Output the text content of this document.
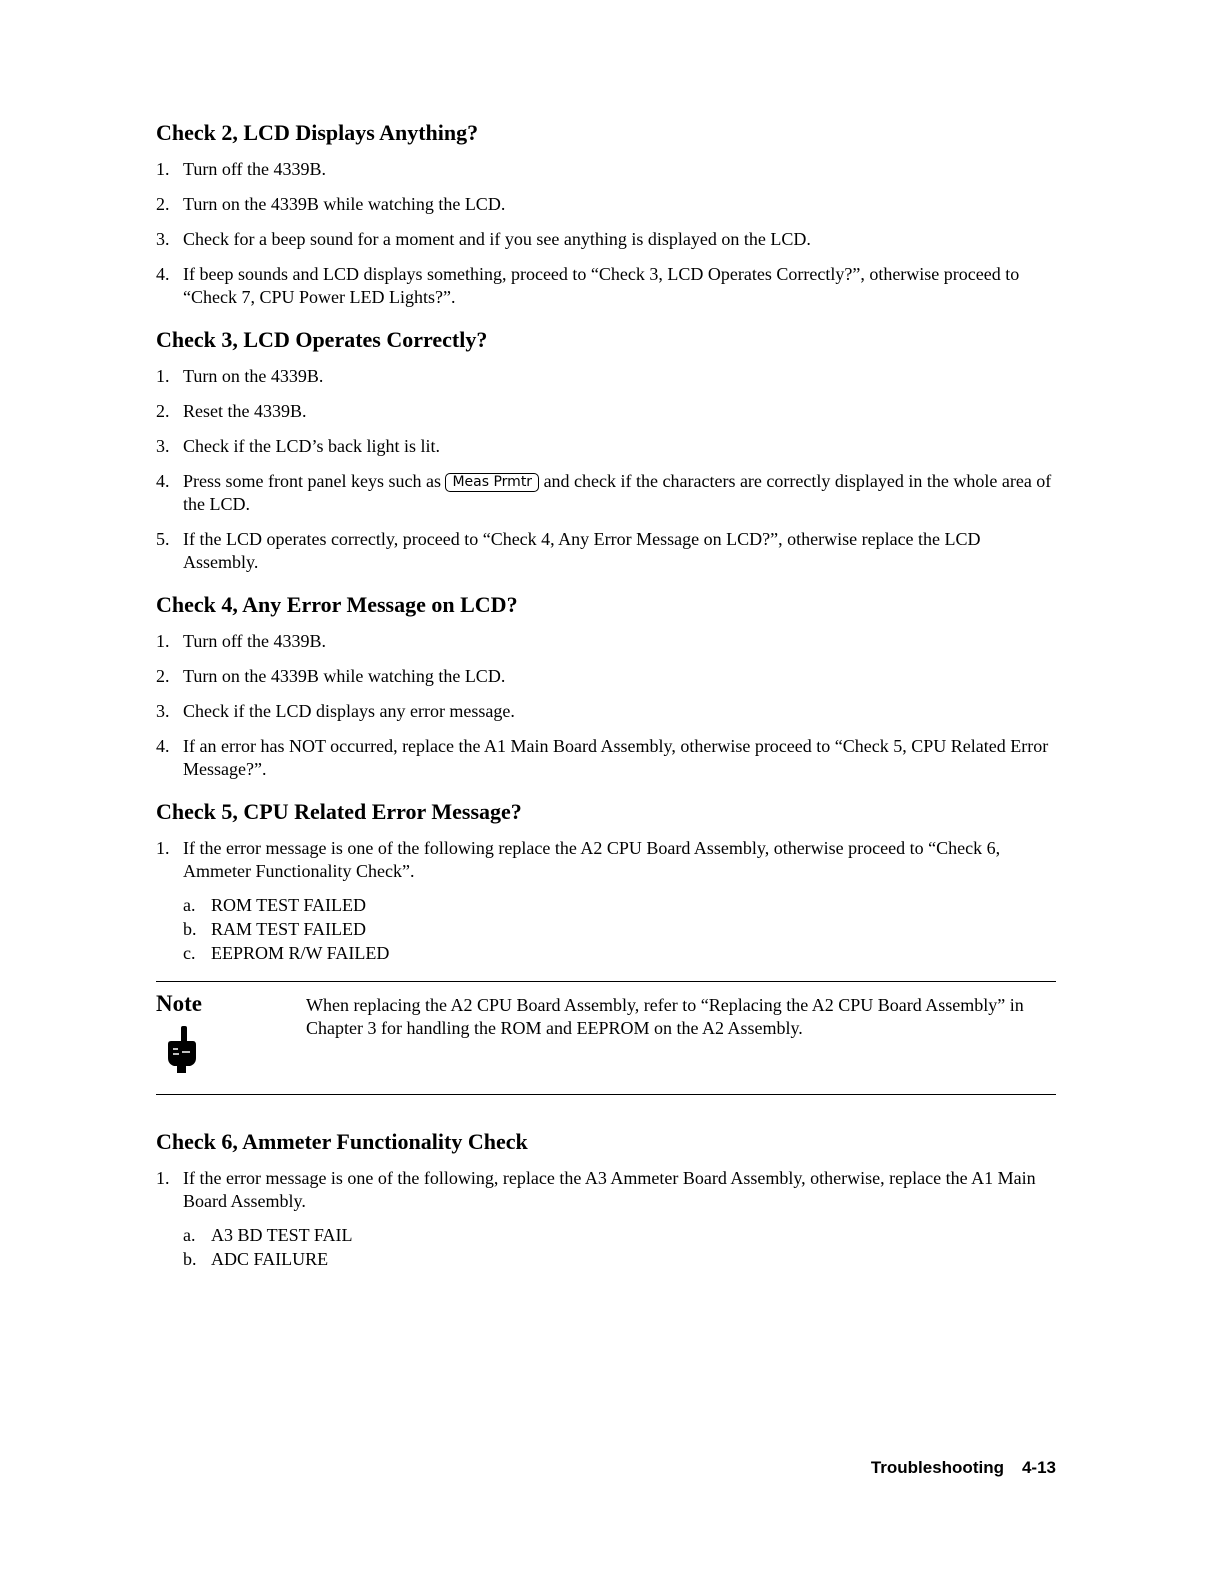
Check 2, LCD Displays Anything?
1. Turn off the 4339B.
2. Turn on the 4339B while watching the LCD.
3. Check for a beep sound for a moment and if you see anything is displayed on the LCD.
4. If beep sounds and LCD displays something, proceed to “Check 3, LCD Operates Correctly?”, otherwise proceed to “Check 7, CPU Power LED Lights?”.
Check 3, LCD Operates Correctly?
1. Turn on the 4339B.
2. Reset the 4339B.
3. Check if the LCD’s back light is lit.
4. Press some front panel keys such as Meas Prmtr and check if the characters are correctly displayed in the whole area of the LCD.
5. If the LCD operates correctly, proceed to “Check 4, Any Error Message on LCD?”, otherwise replace the LCD Assembly.
Check 4, Any Error Message on LCD?
1. Turn off the 4339B.
2. Turn on the 4339B while watching the LCD.
3. Check if the LCD displays any error message.
4. If an error has NOT occurred, replace the A1 Main Board Assembly, otherwise proceed to “Check 5, CPU Related Error Message?”.
Check 5, CPU Related Error Message?
1. If the error message is one of the following replace the A2 CPU Board Assembly, otherwise proceed to “Check 6, Ammeter Functionality Check”.
a. ROM TEST FAILED
b. RAM TEST FAILED
c. EEPROM R/W FAILED
Note	When replacing the A2 CPU Board Assembly, refer to “Replacing the A2 CPU Board Assembly” in Chapter 3 for handling the ROM and EEPROM on the A2 Assembly.
Check 6, Ammeter Functionality Check
1. If the error message is one of the following, replace the A3 Ammeter Board Assembly, otherwise, replace the A1 Main Board Assembly.
a. A3 BD TEST FAIL
b. ADC FAILURE
Troubleshooting 4-13
